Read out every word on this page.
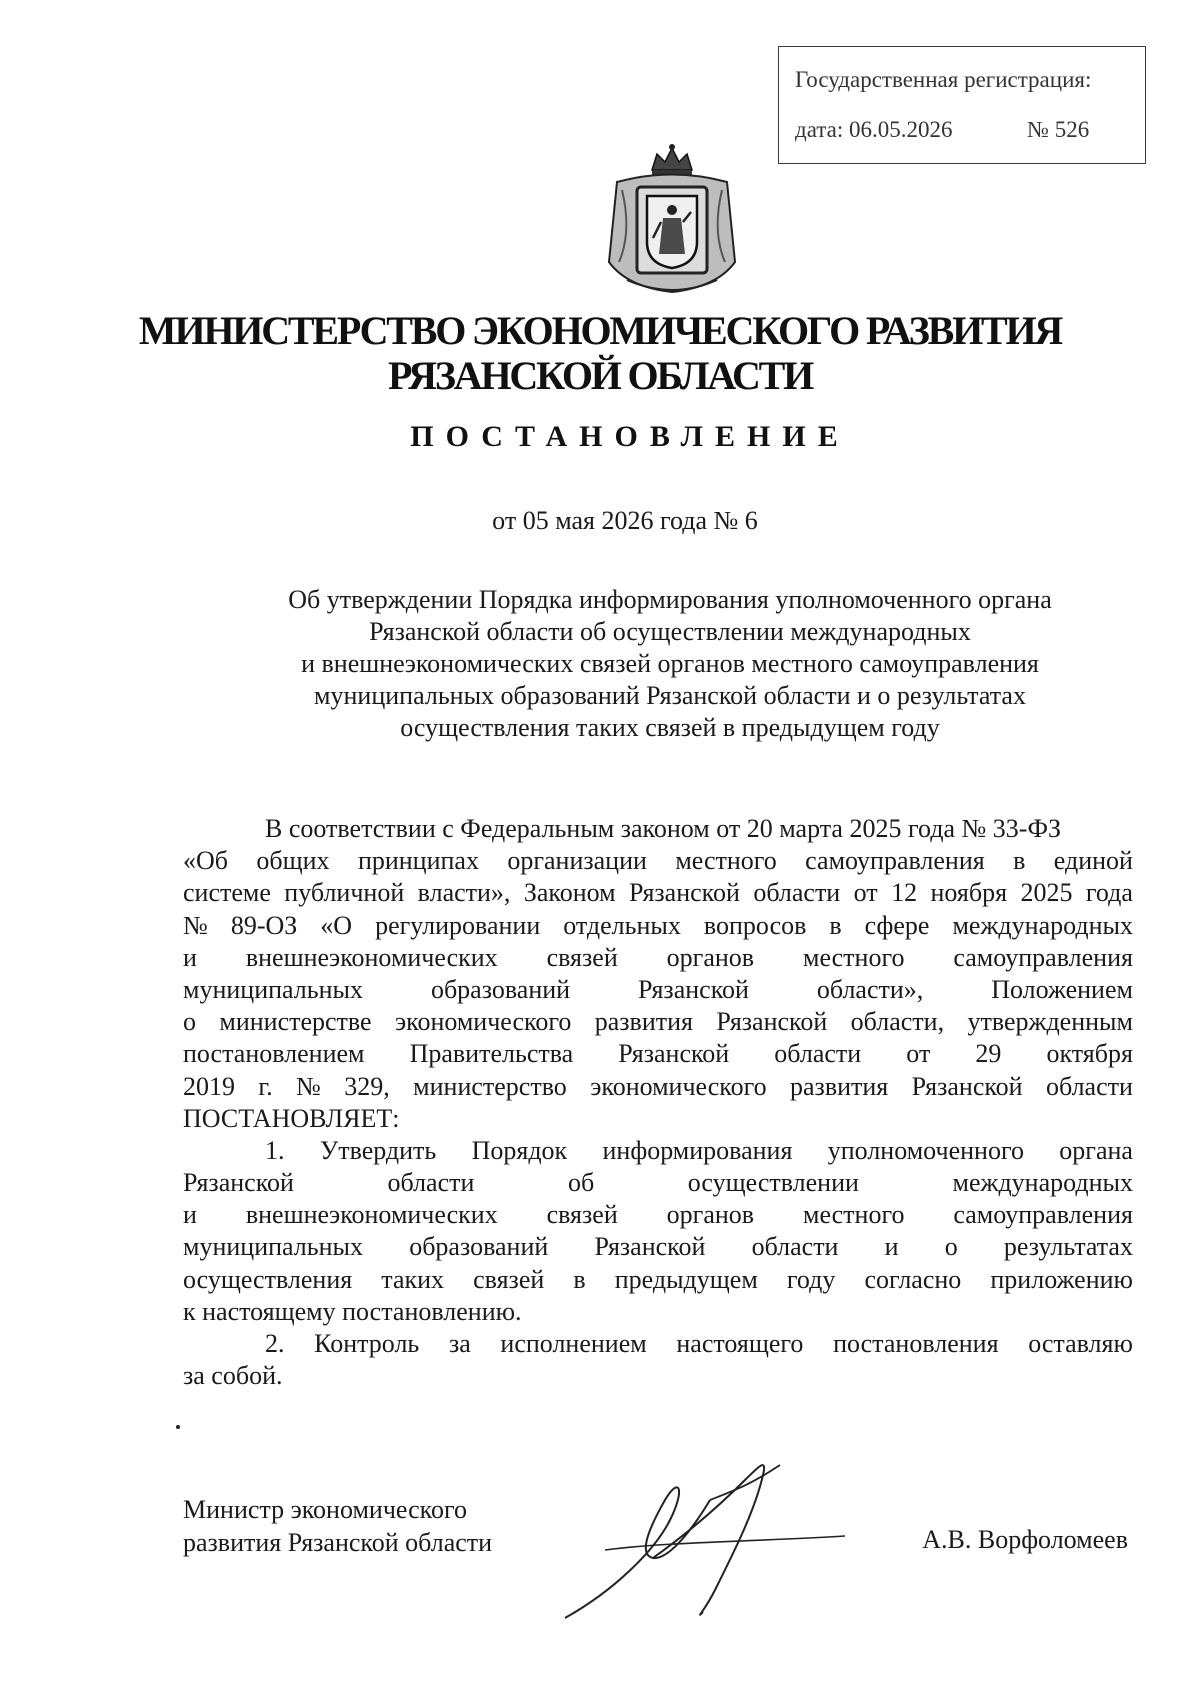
Государственная регистрация:
дата: 06.05.2026	№ 526
МИНИСТЕРСТВО ЭКОНОМИЧЕСКОГО РАЗВИТИЯ
РЯЗАНСКОЙ ОБЛАСТИ
ПОСТАНОВЛЕНИЕ
от 05 мая 2026 года № 6
Об утверждении Порядка информирования уполномоченного органа
Рязанской области об осуществлении международных
и внешнеэкономических связей органов местного самоуправления
муниципальных образований Рязанской области и о результатах
осуществления таких связей в предыдущем году
В соответствии с Федеральным законом от 20 марта 2025 года № 33-ФЗ
«Об общих принципах организации местного самоуправления в единой
системе публичной власти», Законом Рязанской области от 12 ноября 2025 года
№ 89-ОЗ «О регулировании отдельных вопросов в сфере международных
и внешнеэкономических связей органов местного самоуправления
муниципальных	образований	Рязанской	области»,	Положением
о министерстве экономического развития Рязанской области, утвержденным
постановлением Правительства Рязанской области от 29 октября
2019 г. № 329, министерство экономического развития Рязанской области
ПОСТАНОВЛЯЕТ:
1. Утвердить Порядок информирования уполномоченного органа
Рязанской	области	об	осуществлении	международных
и внешнеэкономических связей органов местного самоуправления
муниципальных образований Рязанской области и о результатах
осуществления таких связей в предыдущем году согласно приложению
к настоящему постановлению.
2. Контроль за исполнением настоящего постановления оставляю
за собой.
Министр экономического
развития Рязанской области	А.В. Ворфоломеев
